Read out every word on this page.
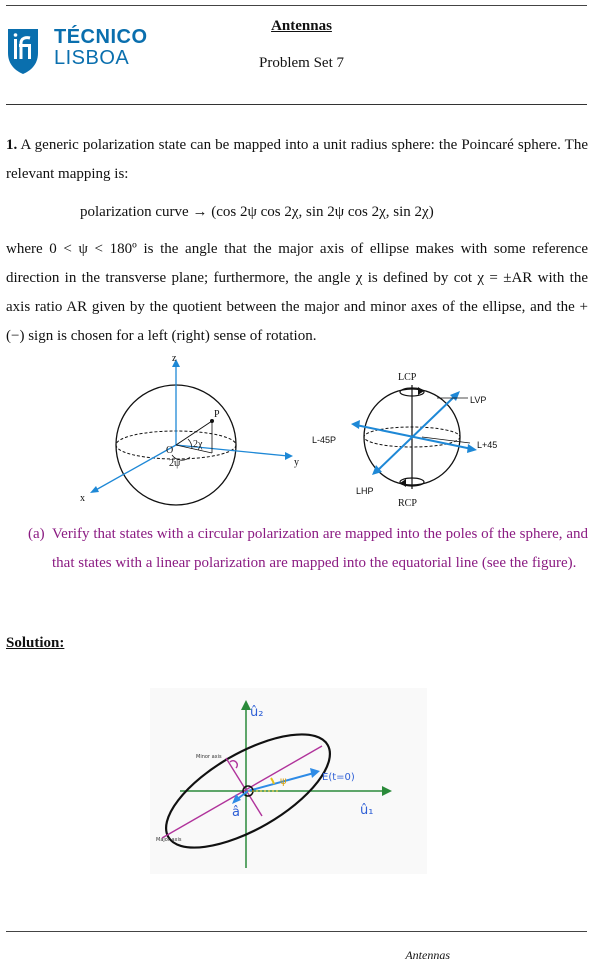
TÉCNICO
LISBOA
Antennas
Problem Set 7
1. A generic polarization state can be mapped into a unit radius sphere: the Poincaré sphere. The relevant mapping is:
polarization curve → (cos 2ψ cos 2χ, sin 2ψ cos 2χ, sin 2χ)
where 0 < ψ < 180º is the angle that the major axis of ellipse makes with some reference direction in the transverse plane; furthermore, the angle χ is defined by cot χ = ±AR with the axis ratio AR given by the quotient between the major and minor axes of the ellipse, and the + (−) sign is chosen for a left (right) sense of rotation.
z
y
x
P
O
2χ
2ψ
LCP
RCP
LVP
LHP
L-45P	L+45
(a) Verify that states with a circular polarization are mapped into the poles of the sphere, and that states with a linear polarization are mapped into the equatorial line (see the figure).
Solution:
û₂
û₁
Minor axis
Major axis
E(t=0)
â
ψ
Antennas
